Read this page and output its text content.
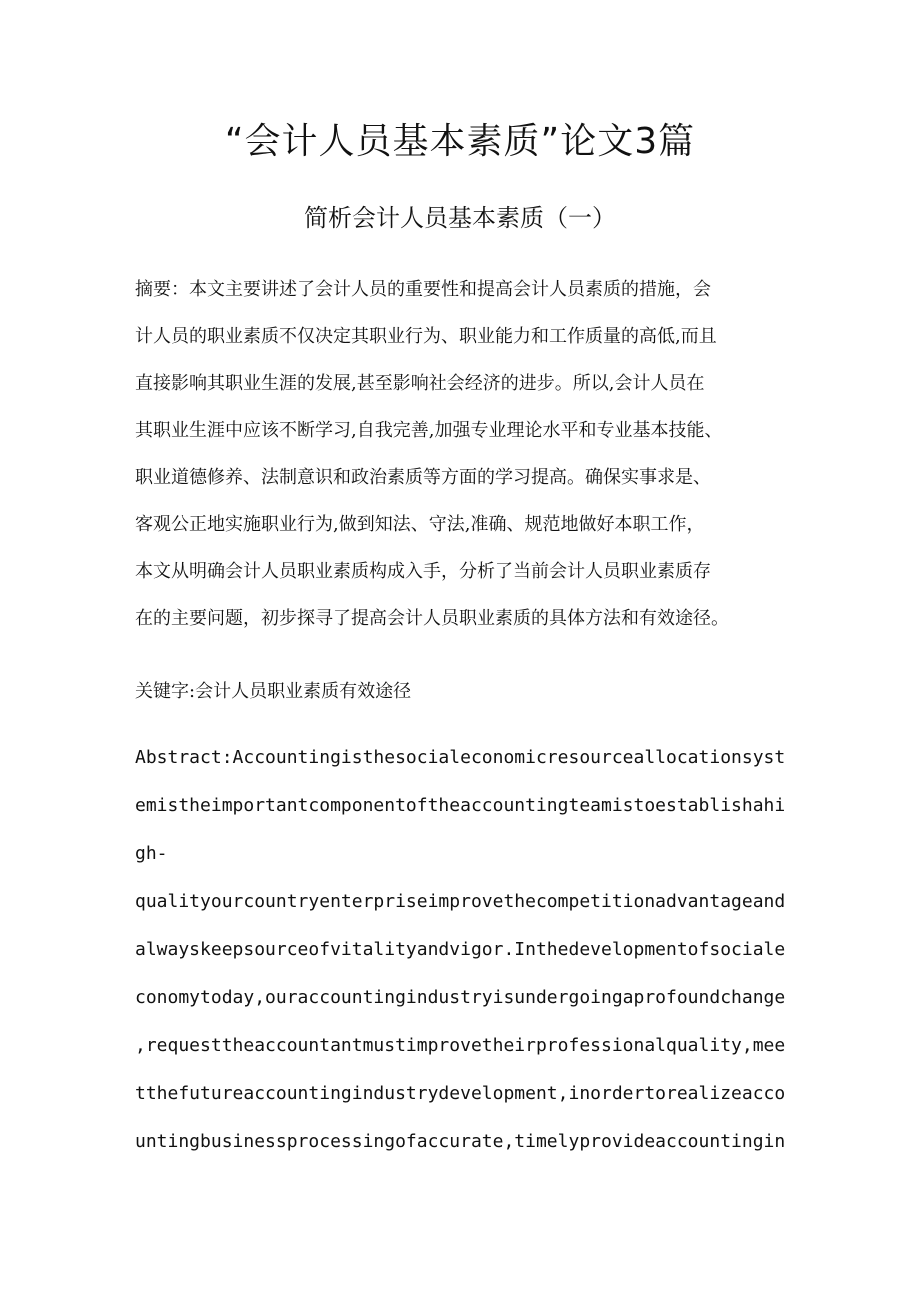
“会计人员基本素质”论文3篇
简析会计人员基本素质（一）
摘要：本文主要讲述了会计人员的重要性和提高会计人员素质的措施，会
计人员的职业素质不仅决定其职业行为、职业能力和工作质量的高低,而且
直接影响其职业生涯的发展,甚至影响社会经济的进步。所以,会计人员在
其职业生涯中应该不断学习,自我完善,加强专业理论水平和专业基本技能、
职业道德修养、法制意识和政治素质等方面的学习提高。确保实事求是、
客观公正地实施职业行为,做到知法、守法,准确、规范地做好本职工作，
本文从明确会计人员职业素质构成入手，分析了当前会计人员职业素质存
在的主要问题，初步探寻了提高会计人员职业素质的具体方法和有效途径。

关键字:会计人员职业素质有效途径

Abstract:Accountingisthesocialeconomicresourceallocationsyst
emistheimportantcomponentoftheaccountingteamistoestablishahi
gh-
qualityourcountryenterpriseimprovethecompetitionadvantageand
alwayskeepsourceofvitalityandvigor.Inthedevelopmentofsociale
conomytoday,ouraccountingindustryisundergoingaprofoundchange
,requesttheaccountantmustimprovetheirprofessionalquality,mee
tthefutureaccountingindustrydevelopment,inordertorealizeacco
untingbusinessprocessingofaccurate,timelyprovideaccountingin
